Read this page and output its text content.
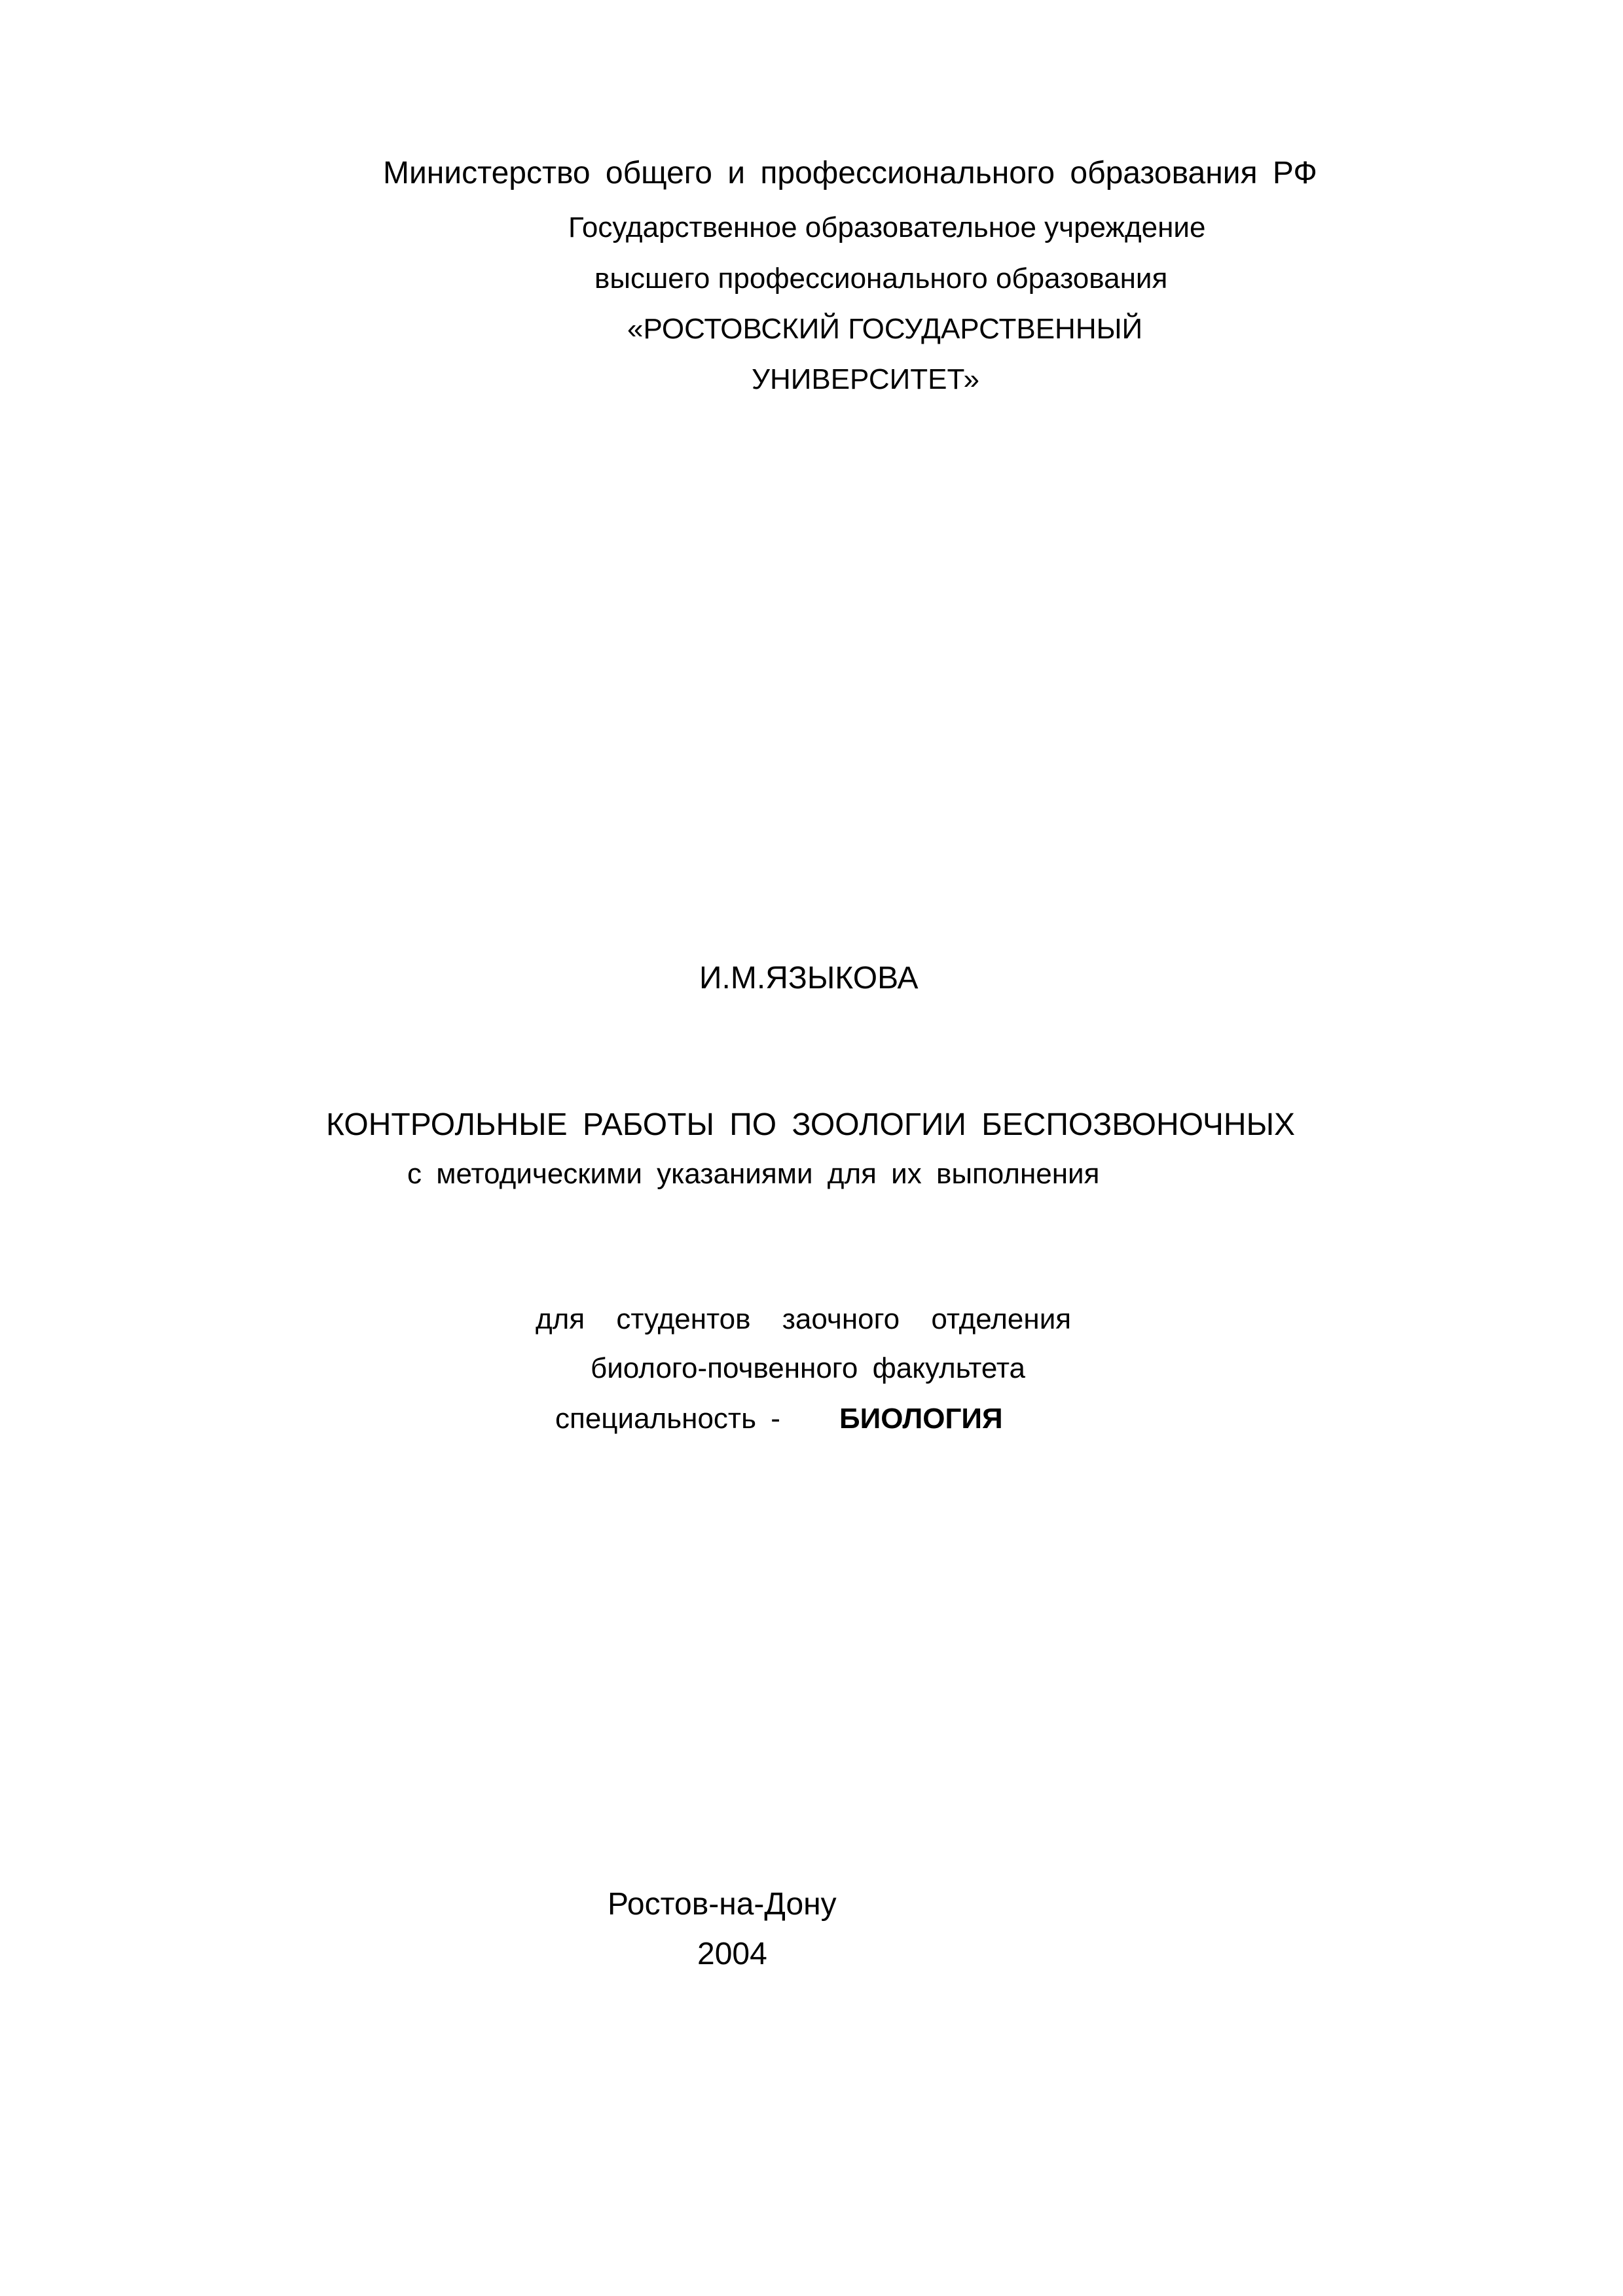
Министерство общего и профессионального образования РФ
Государственное образовательное учреждение
высшего профессионального образования
«РОСТОВСКИЙ ГОСУДАРСТВЕННЫЙ
УНИВЕРСИТЕТ»
И.М.ЯЗЫКОВА
КОНТРОЛЬНЫЕ РАБОТЫ ПО ЗООЛОГИИ БЕСПОЗВОНОЧНЫХ
с методическими указаниями для их выполнения
для студентов заочного отделения
биолого-почвенного факультета
специальность - БИОЛОГИЯ
Ростов-на-Дону
2004
